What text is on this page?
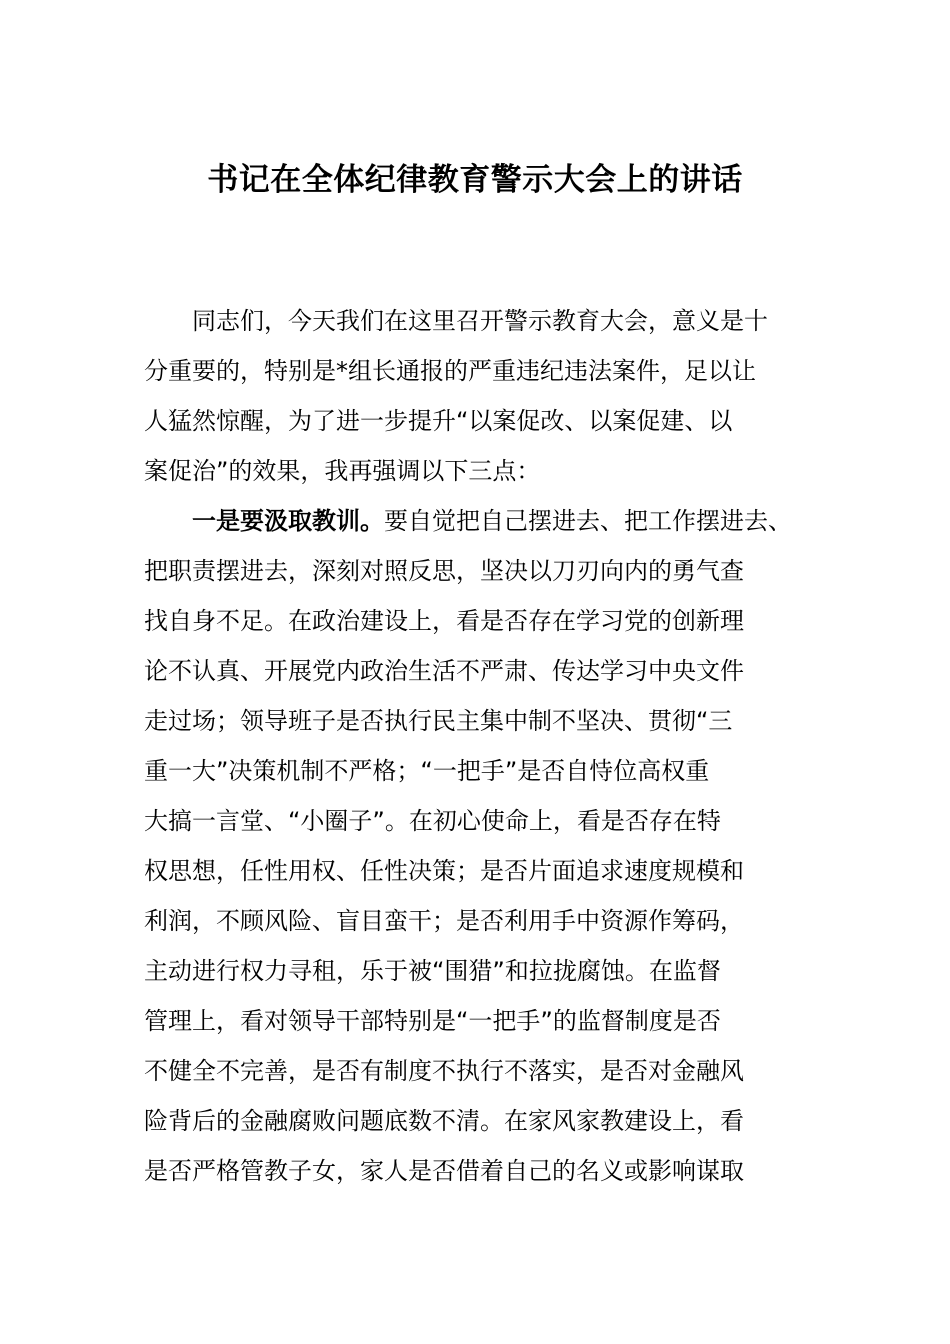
书记在全体纪律教育警示大会上的讲话
同志们，今天我们在这里召开警示教育大会，意义是十
分重要的，特别是*组长通报的严重违纪违法案件，足以让
人猛然惊醒，为了进一步提升“以案促改、以案促建、以
案促治”的效果，我再强调以下三点：
一是要汲取教训。要自觉把自己摆进去、把工作摆进去、
把职责摆进去，深刻对照反思，坚决以刀刃向内的勇气查
找自身不足。在政治建设上，看是否存在学习党的创新理
论不认真、开展党内政治生活不严肃、传达学习中央文件
走过场；领导班子是否执行民主集中制不坚决、贯彻“三
重一大”决策机制不严格；“一把手”是否自恃位高权重
大搞一言堂、“小圈子”。在初心使命上，看是否存在特
权思想，任性用权、任性决策；是否片面追求速度规模和
利润，不顾风险、盲目蛮干；是否利用手中资源作筹码，
主动进行权力寻租，乐于被“围猎”和拉拢腐蚀。在监督
管理上，看对领导干部特别是“一把手”的监督制度是否
不健全不完善，是否有制度不执行不落实，是否对金融风
险背后的金融腐败问题底数不清。在家风家教建设上，看
是否严格管教子女，家人是否借着自己的名义或影响谋取
